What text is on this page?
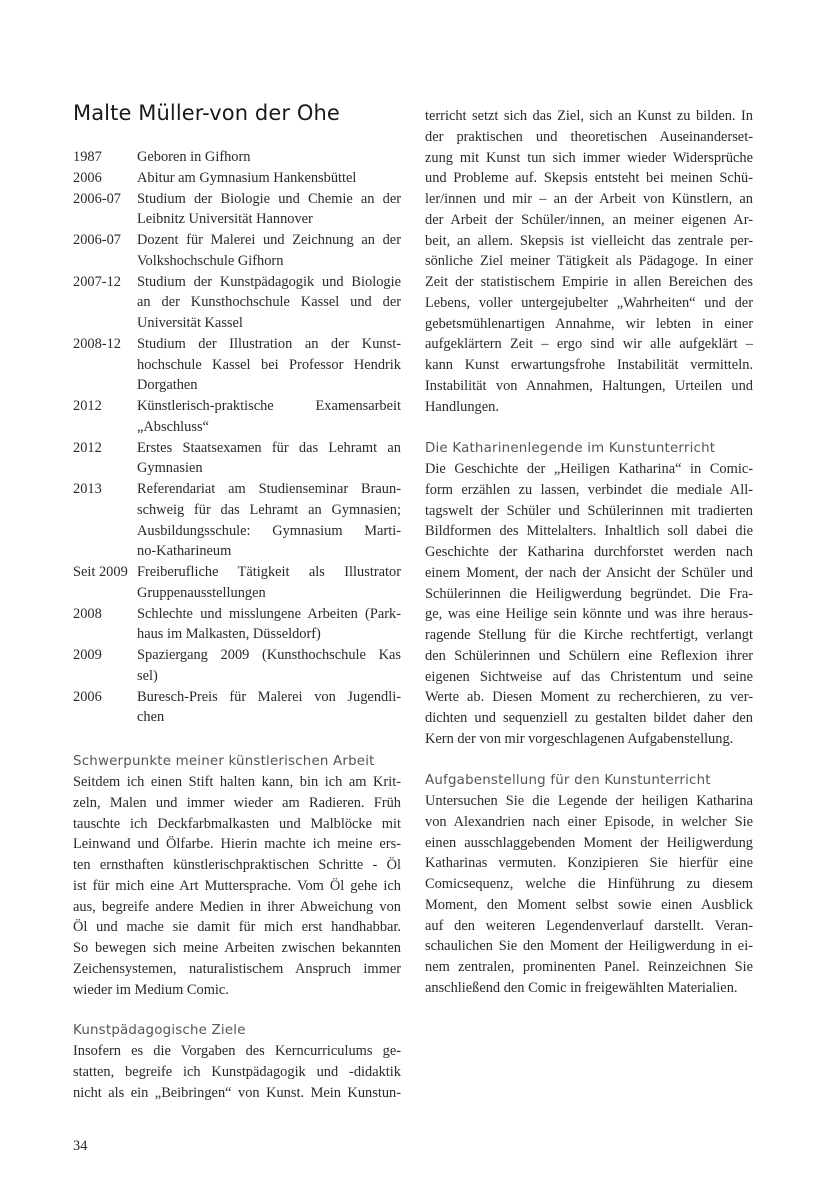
Malte Müller-von der Ohe
1987	Geboren in Gifhorn
2006	Abitur am Gymnasium Hankensbüttel
2006-07	Studium der Biologie und Chemie an der
Leibnitz Universität Hannover
2006-07	Dozent für Malerei und Zeichnung an der
Volkshochschule Gifhorn
2007-12	Studium der Kunstpädagogik und Biologie
an der Kunsthochschule Kassel und der
Universität Kassel
2008-12	Studium der Illustration an der Kunst-
hochschule Kassel bei Professor Hendrik
Dorgathen
2012	Künstlerisch-praktische Examensarbeit
„Abschluss“
2012	Erstes Staatsexamen für das Lehramt an
Gymnasien
2013	Referendariat am Studienseminar Braun-
schweig für das Lehramt an Gymnasien;
Ausbildungsschule: Gymnasium Marti-
no-Katharineum
Seit 2009 Freiberufliche Tätigkeit als Illustrator
Gruppenausstellungen
2008	Schlechte und misslungene Arbeiten (Park-
haus im Malkasten, Düsseldorf)
2009	Spaziergang 2009 (Kunsthochschule Kas
sel)
2006	Buresch-Preis für Malerei von Jugendli-
chen
Schwerpunkte meiner künstlerischen Arbeit

Seitdem ich einen Stift halten kann, bin ich am Krit-
zeln, Malen und immer wieder am Radieren. Früh
tauschte ich Deckfarbmalkasten und Malblöcke mit
Leinwand und Ölfarbe. Hierin machte ich meine ers-
ten ernsthaften künstlerischpraktischen Schritte - Öl
ist für mich eine Art Muttersprache. Vom Öl gehe ich
aus, begreife andere Medien in ihrer Abweichung von
Öl und mache sie damit für mich erst handhabbar.
So bewegen sich meine Arbeiten zwischen bekannten
Zeichensystemen, naturalistischem Anspruch immer
wieder im Medium Comic.

Kunstpädagogische Ziele

Insofern es die Vorgaben des Kerncurriculums ge-
statten, begreife ich Kunstpädagogik und -didaktik
nicht als ein „Beibringen“ von Kunst. Mein Kunstun-

terricht setzt sich das Ziel, sich an Kunst zu bilden. In
der praktischen und theoretischen Auseinanderset-
zung mit Kunst tun sich immer wieder Widersprüche
und Probleme auf. Skepsis entsteht bei meinen Schü-
ler/innen und mir – an der Arbeit von Künstlern, an
der Arbeit der Schüler/innen, an meiner eigenen Ar-
beit, an allem. Skepsis ist vielleicht das zentrale per-
sönliche Ziel meiner Tätigkeit als Pädagoge. In einer
Zeit der statistischem Empirie in allen Bereichen des
Lebens, voller untergejubelter „Wahrheiten“ und der
gebetsmühlenartigen Annahme, wir lebten in einer
aufgeklärtern Zeit – ergo sind wir alle aufgeklärt –
kann Kunst erwartungsfrohe Instabilität vermitteln.
Instabilität von Annahmen, Haltungen, Urteilen und
Handlungen.

Die Katharinenlegende im Kunstunterricht

Die Geschichte der „Heiligen Katharina“ in Comic-
form erzählen zu lassen, verbindet die mediale All-
tagswelt der Schüler und Schülerinnen mit tradierten
Bildformen des Mittelalters. Inhaltlich soll dabei die
Geschichte der Katharina durchforstet werden nach
einem Moment, der nach der Ansicht der Schüler und
Schülerinnen die Heiligwerdung begründet. Die Fra-
ge, was eine Heilige sein könnte und was ihre heraus-
ragende Stellung für die Kirche rechtfertigt, verlangt
den Schülerinnen und Schülern eine Reflexion ihrer
eigenen Sichtweise auf das Christentum und seine
Werte ab. Diesen Moment zu recherchieren, zu ver-
dichten und sequenziell zu gestalten bildet daher den
Kern der von mir vorgeschlagenen Aufgabenstellung.

Aufgabenstellung für den Kunstunterricht

Untersuchen Sie die Legende der heiligen Katharina
von Alexandrien nach einer Episode, in welcher Sie
einen ausschlaggebenden Moment der Heiligwerdung
Katharinas vermuten. Konzipieren Sie hierfür eine
Comicsequenz, welche die Hinführung zu diesem
Moment, den Moment selbst sowie einen Ausblick
auf den weiteren Legendenverlauf darstellt. Veran-
schaulichen Sie den Moment der Heiligwerdung in ei-
nem zentralen, prominenten Panel. Reinzeichnen Sie
anschließend den Comic in freigewählten Materialien.

34
